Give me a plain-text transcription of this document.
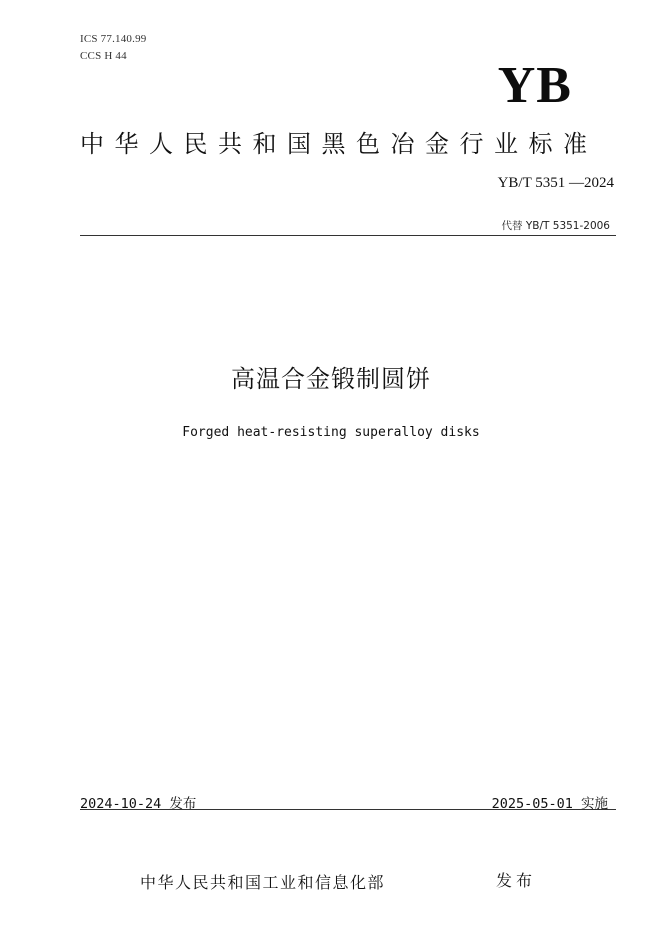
ICS 77.140.99
CCS H 44
YB
中华人民共和国黑色冶金行业标准
YB/T 5351 —2024
代替 YB/T 5351-2006
高温合金锻制圆饼
Forged heat-resisting superalloy disks
2024-10-24 发布	2025-05-01 实施
中华人民共和国工业和信息化部	发布
